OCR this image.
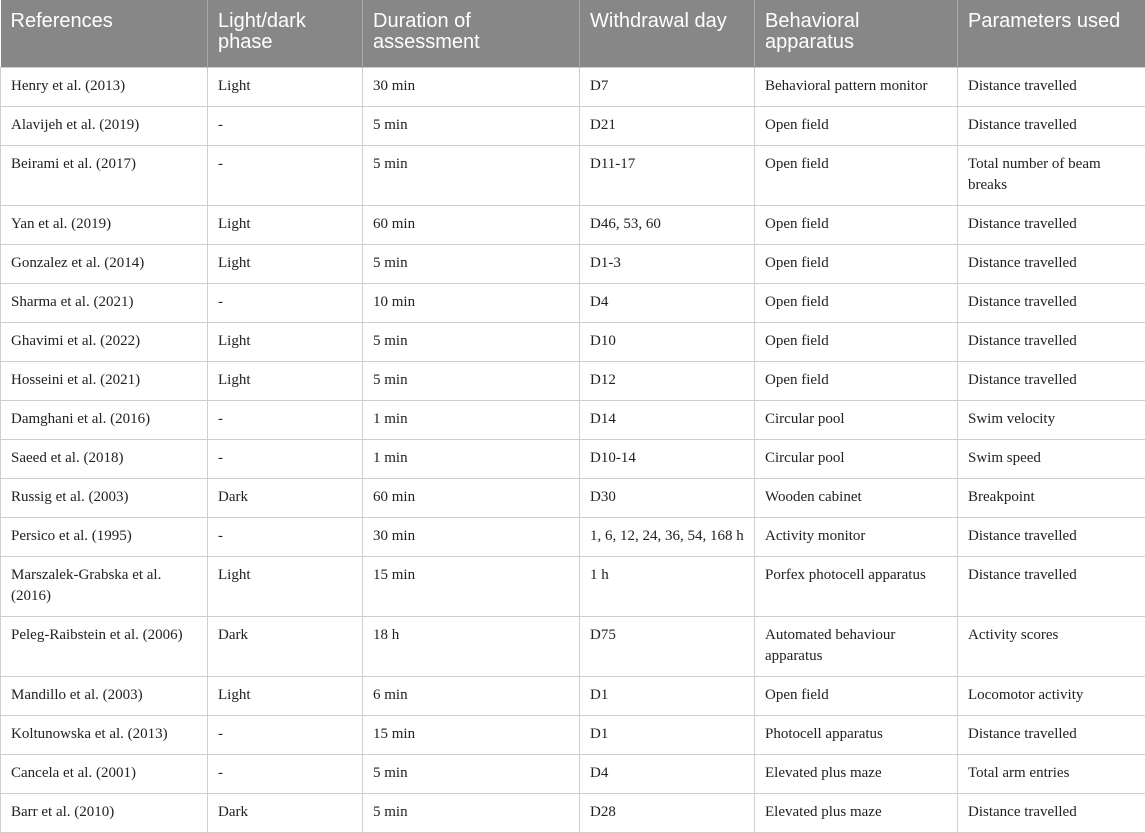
References	Light/dark phase	Duration of assessment	Withdrawal day	Behavioral apparatus	Parameters used
Henry et al. (2013)	Light	30 min	D7	Behavioral pattern monitor	Distance travelled
Alavijeh et al. (2019)	-	5 min	D21	Open field	Distance travelled
Beirami et al. (2017)	-	5 min	D11-17	Open field	Total number of beam breaks
Yan et al. (2019)	Light	60 min	D46, 53, 60	Open field	Distance travelled
Gonzalez et al. (2014)	Light	5 min	D1-3	Open field	Distance travelled
Sharma et al. (2021)	-	10 min	D4	Open field	Distance travelled
Ghavimi et al. (2022)	Light	5 min	D10	Open field	Distance travelled
Hosseini et al. (2021)	Light	5 min	D12	Open field	Distance travelled
Damghani et al. (2016)	-	1 min	D14	Circular pool	Swim velocity
Saeed et al. (2018)	-	1 min	D10-14	Circular pool	Swim speed
Russig et al. (2003)	Dark	60 min	D30	Wooden cabinet	Breakpoint
Persico et al. (1995)	-	30 min	1, 6, 12, 24, 36, 54, 168 h	Activity monitor	Distance travelled
Marszalek-Grabska et al. (2016)	Light	15 min	1 h	Porfex photocell apparatus	Distance travelled
Peleg-Raibstein et al. (2006)	Dark	18 h	D75	Automated behaviour apparatus	Activity scores
Mandillo et al. (2003)	Light	6 min	D1	Open field	Locomotor activity
Koltunowska et al. (2013)	-	15 min	D1	Photocell apparatus	Distance travelled
Cancela et al. (2001)	-	5 min	D4	Elevated plus maze	Total arm entries
Barr et al. (2010)	Dark	5 min	D28	Elevated plus maze	Distance travelled
